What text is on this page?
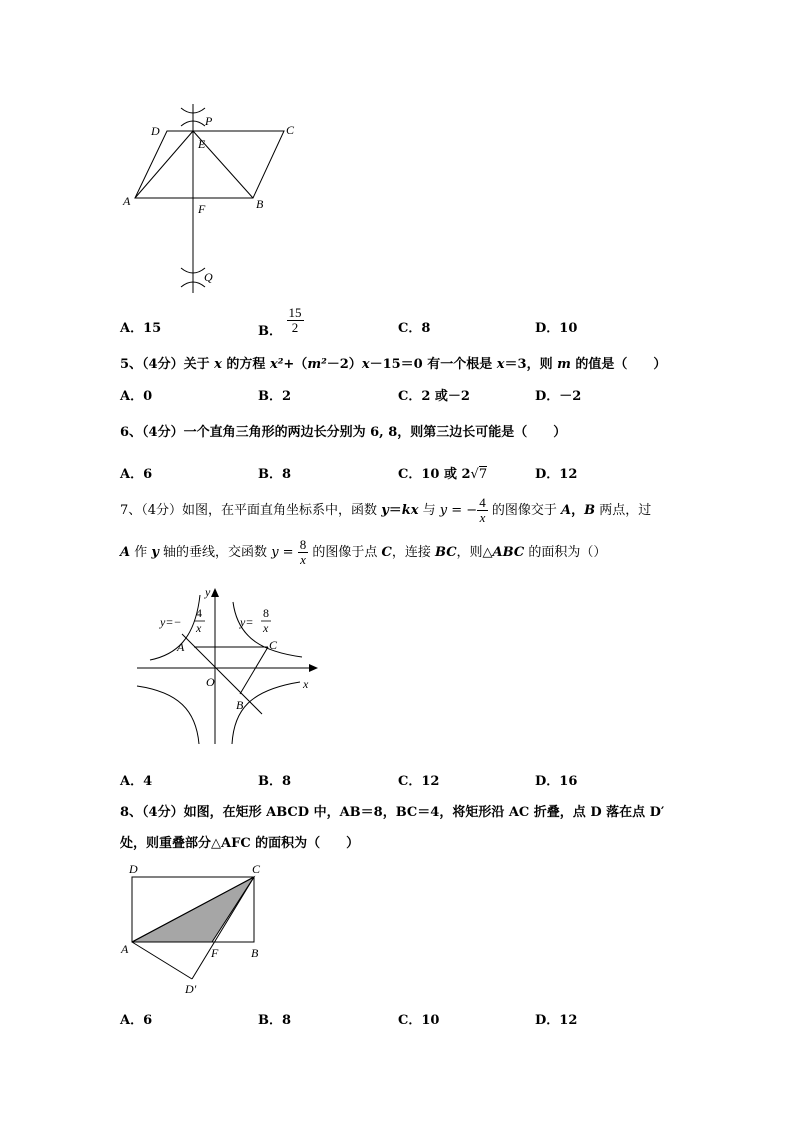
D
P
C
E
A	B
F
Q
A．15	B． $\frac{15}{2}$	C．8	D．10
5、（4分）关于 x 的方程 x²+（m²－2）x－15＝0 有一个根是 x＝3，则 m 的值是（　　）
A．0	B．2	C．2 或－2	D．－2
6、（4分）一个直角三角形的两边长分别为 6, 8，则第三边长可能是（　　）
A．6	B．8	C．10 或 2√7	D．12
7、（4分）如图，在平面直角坐标系中，函数 y＝kx 与 y = − $\frac{4}{x}$ 的图像交于 A，B 两点，过
A 作 y 轴的垂线，交函数 $y = \frac{8}{x}$ 的图像于点 C，连接 BC，则△ABC 的面积为（）
y
x
O
A	C
B
y=−
4
x	y=
8
x
A．4	B．8	C．12	D．16
8、（4分）如图，在矩形 ABCD 中，AB＝8，BC＝4，将矩形沿 AC 折叠，点 D 落在点 D′
处，则重叠部分△AFC 的面积为（　　）
D	C
A	F	B
D′
A．6	B．8	C．10	D．12
